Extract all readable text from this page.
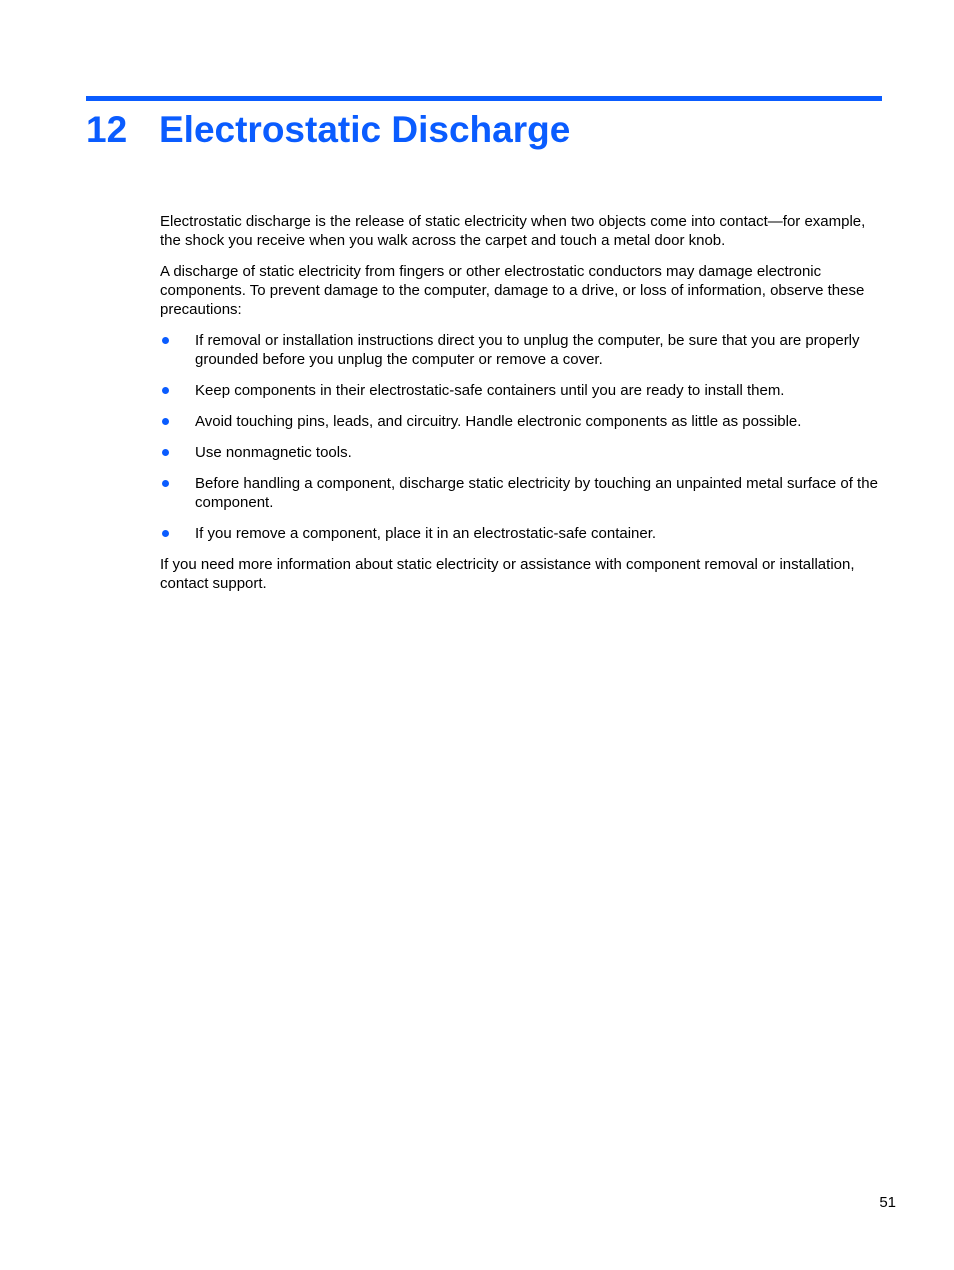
12 Electrostatic Discharge

Electrostatic discharge is the release of static electricity when two objects come into contact—for example, the shock you receive when you walk across the carpet and touch a metal door knob.

A discharge of static electricity from fingers or other electrostatic conductors may damage electronic components. To prevent damage to the computer, damage to a drive, or loss of information, observe these precautions:

If removal or installation instructions direct you to unplug the computer, be sure that you are properly grounded before you unplug the computer or remove a cover.
Keep components in their electrostatic-safe containers until you are ready to install them.
Avoid touching pins, leads, and circuitry. Handle electronic components as little as possible.
Use nonmagnetic tools.
Before handling a component, discharge static electricity by touching an unpainted metal surface of the component.
If you remove a component, place it in an electrostatic-safe container.

If you need more information about static electricity or assistance with component removal or installation, contact support.

51
